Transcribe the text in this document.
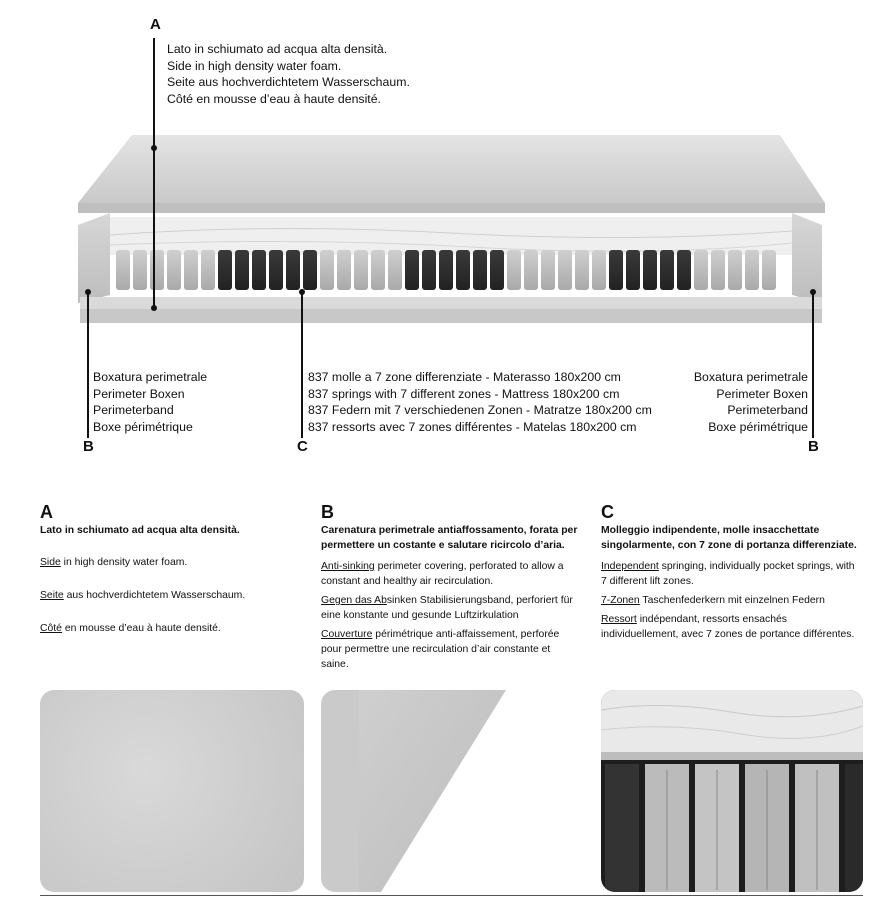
A
Lato in schiumato ad acqua alta densità.
Side in high density water foam.
Seite aus hochverdichtetem Wasserschaum.
Côté en mousse d’eau à haute densité.
Boxatura perimetrale
Perimeter Boxen
Perimeterband
Boxe périmétrique
B
837 molle a 7 zone differenziate - Materasso 180x200 cm
837 springs with 7 different zones - Mattress 180x200 cm
837 Federn mit 7 verschiedenen Zonen - Matratze 180x200 cm
837 ressorts avec 7 zones différentes - Matelas 180x200 cm
C
Boxatura perimetrale
Perimeter Boxen
Perimeterband
Boxe périmétrique
B
A
Lato in schiumato ad acqua alta densità.

Side in high density water foam.

Seite aus hochverdichtetem Wasserschaum.

Côté en mousse d’eau à haute densité.

B
Carenatura perimetrale antiaffossamento, forata per permettere un costante e salutare ricircolo d’aria.

Anti-sinking perimeter covering, perforated to allow a constant and healthy air recirculation.

Gegen das Absinken Stabilisierungsband, perforiert für eine konstante und gesunde Luftzirkulation

Couverture périmétrique anti-affaissement, perforée pour permettre une recirculation d’air constante et saine.

C
Molleggio indipendente, molle insacchettate singolarmente, con 7 zone di portanza differenziate.

Independent springing, individually pocket springs, with 7 different lift zones.

7-Zonen Taschenfederkern mit einzelnen Federn

Ressort indépendant, ressorts ensachés individuellement, avec 7 zones de portance différentes.
